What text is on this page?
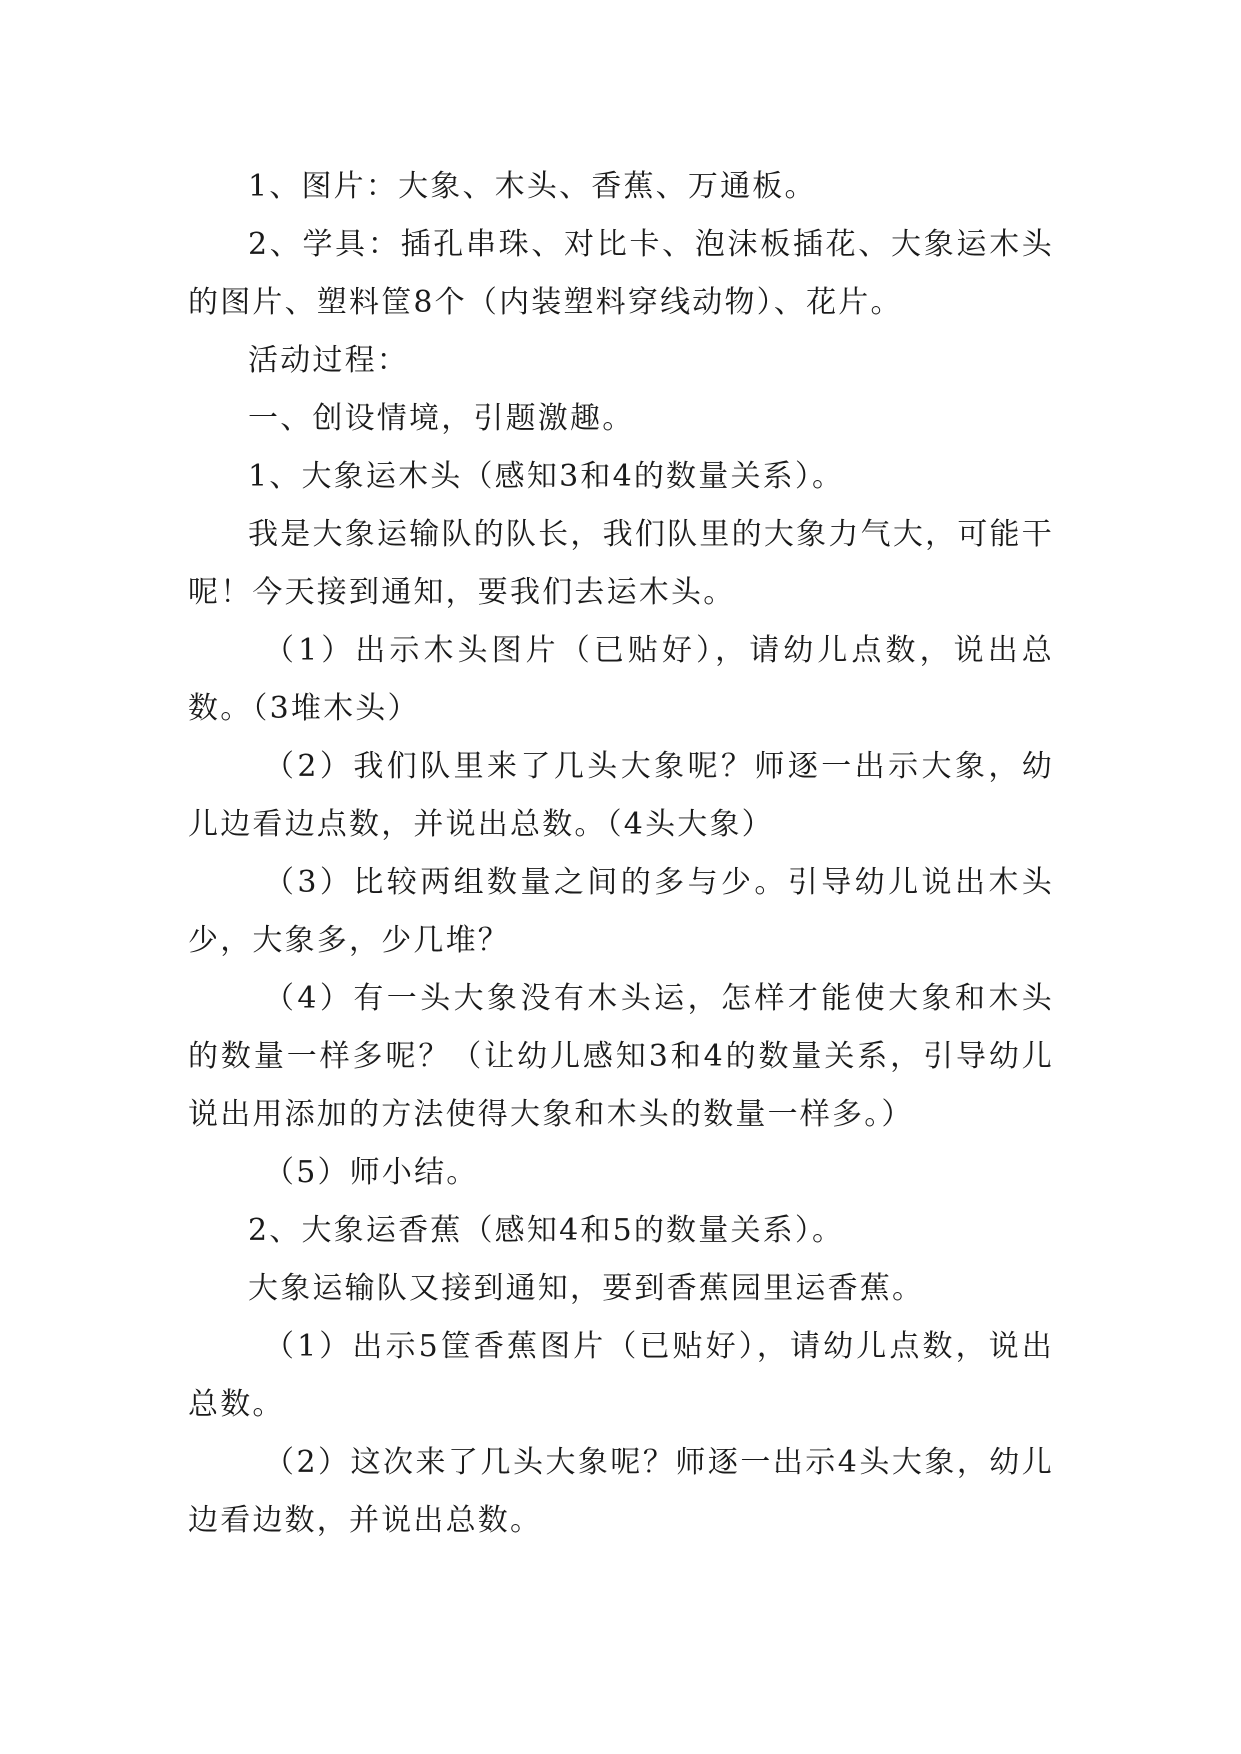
1、图片：大象、木头、香蕉、万通板。

2、学具：插孔串珠、对比卡、泡沫板插花、大象运木头的图片、塑料筐8个（内装塑料穿线动物）、花片。

活动过程：

一、创设情境，引题激趣。

1、大象运木头（感知3和4的数量关系）。

我是大象运输队的队长，我们队里的大象力气大，可能干呢！今天接到通知，要我们去运木头。

（1）出示木头图片（已贴好），请幼儿点数，说出总数。（3堆木头）

（2）我们队里来了几头大象呢？师逐一出示大象，幼儿边看边点数，并说出总数。（4头大象）

（3）比较两组数量之间的多与少。引导幼儿说出木头少，大象多，少几堆？

（4）有一头大象没有木头运，怎样才能使大象和木头的数量一样多呢？（让幼儿感知3和4的数量关系，引导幼儿说出用添加的方法使得大象和木头的数量一样多。）

（5）师小结。

2、大象运香蕉（感知4和5的数量关系）。

大象运输队又接到通知，要到香蕉园里运香蕉。

（1）出示5筐香蕉图片（已贴好），请幼儿点数，说出总数。

（2）这次来了几头大象呢？师逐一出示4头大象，幼儿边看边数，并说出总数。
